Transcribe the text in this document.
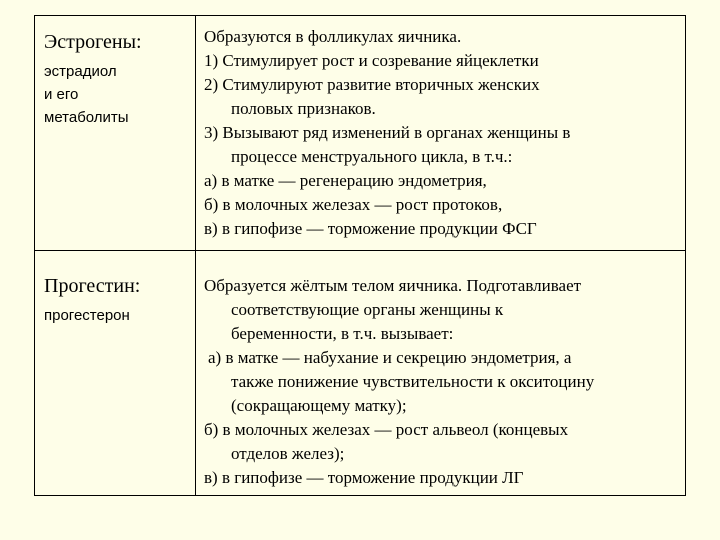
Эстрогены:
эстрадиол
и его
метаболиты
Образуются в фолликулах яичника.
1) Стимулирует рост и созревание яйцеклетки
2) Стимулируют развитие вторичных женских
половых признаков.
3) Вызывают ряд изменений в органах женщины в
процессе менструального цикла, в т.ч.:
а) в матке — регенерацию эндометрия,
б) в молочных железах — рост протоков,
в) в гипофизе — торможение продукции ФСГ
Прогестин:
прогестерон
Образуется жёлтым телом яичника. Подготавливает
соответствующие органы женщины к
беременности, в т.ч. вызывает:
а) в матке — набухание и секрецию эндометрия, а
также понижение чувствительности к окситоцину
(сокращающему матку);
б) в молочных железах — рост альвеол (концевых
отделов желез);
в) в гипофизе — торможение продукции ЛГ
